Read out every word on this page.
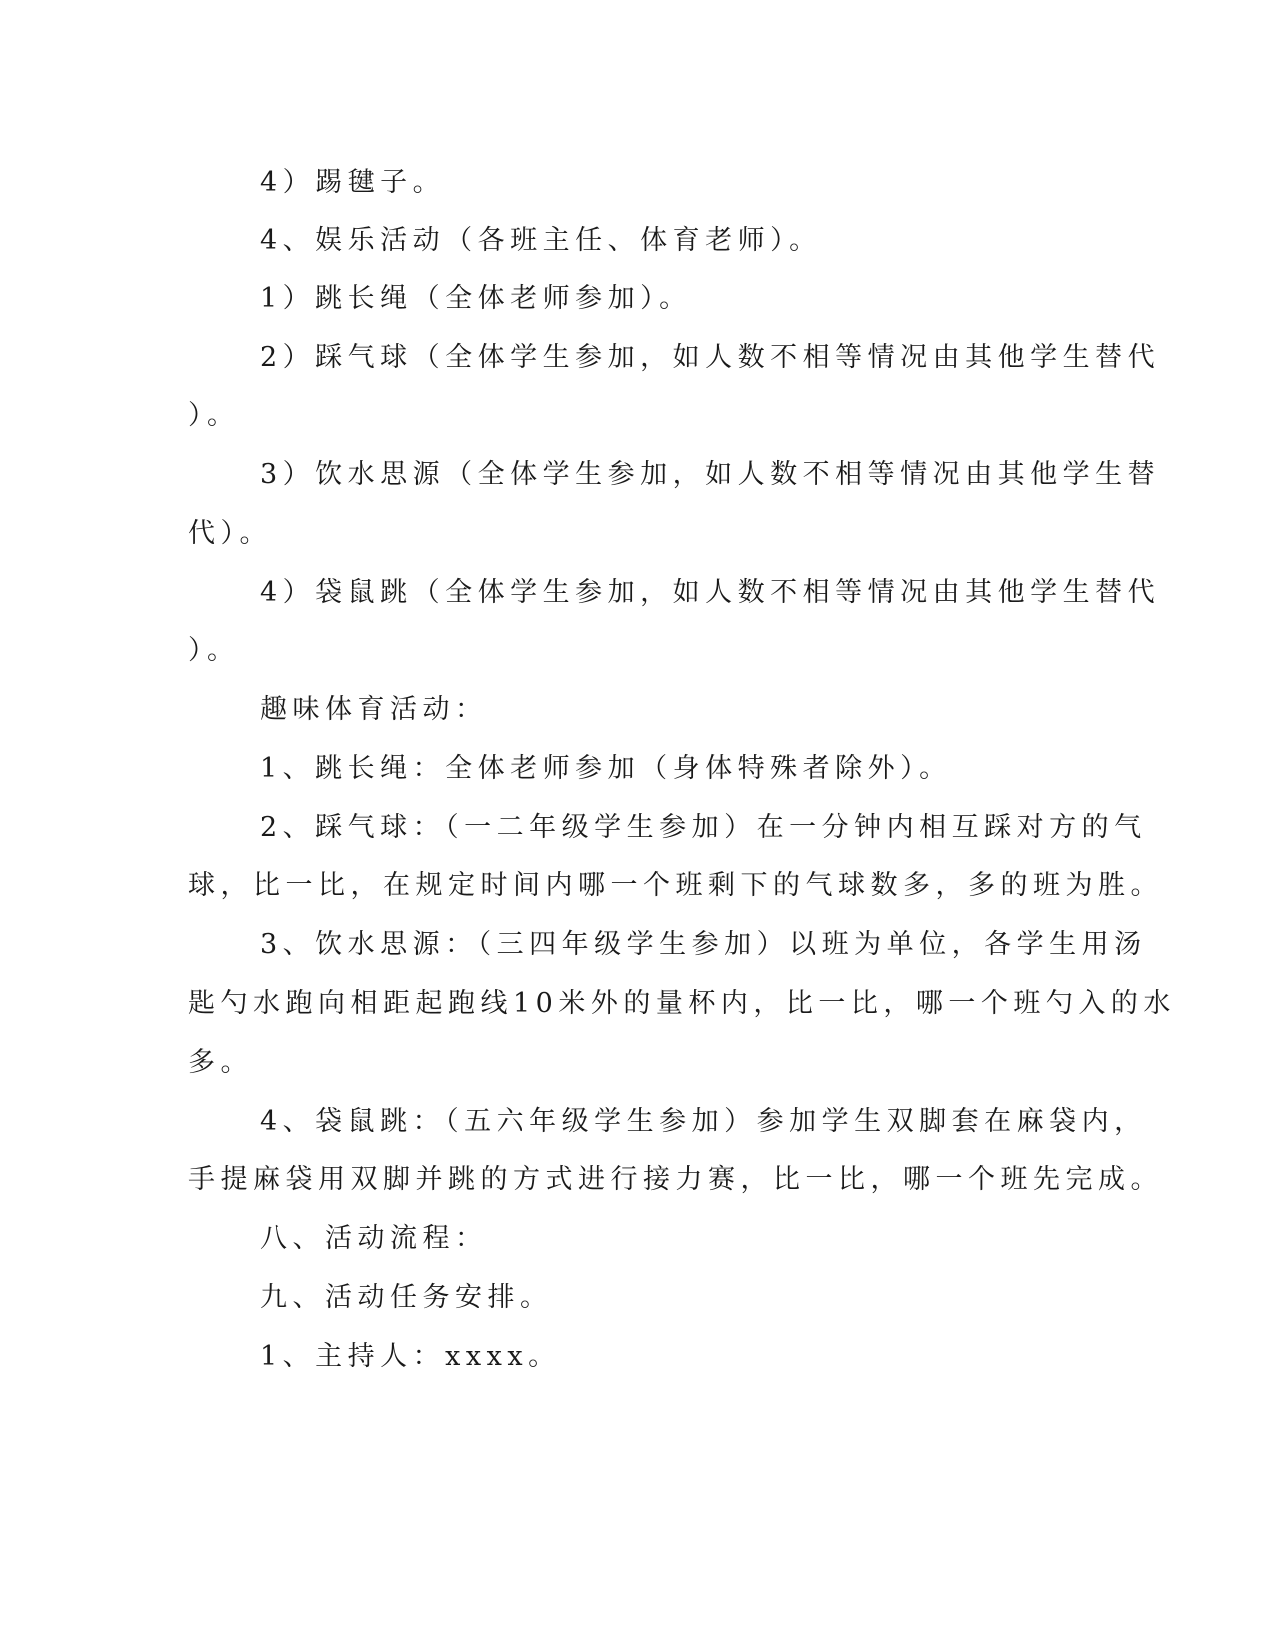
4）踢毽子。
4、娱乐活动（各班主任、体育老师）。
1）跳长绳（全体老师参加）。
2）踩气球（全体学生参加，如人数不相等情况由其他学生替代
）。
3）饮水思源（全体学生参加，如人数不相等情况由其他学生替
代）。
4）袋鼠跳（全体学生参加，如人数不相等情况由其他学生替代
）。
趣味体育活动：
1、跳长绳：全体老师参加（身体特殊者除外）。
2、踩气球：（一二年级学生参加）在一分钟内相互踩对方的气
球，比一比，在规定时间内哪一个班剩下的气球数多，多的班为胜。
3、饮水思源：（三四年级学生参加）以班为单位，各学生用汤
匙勺水跑向相距起跑线10米外的量杯内，比一比，哪一个班勺入的水
多。
4、袋鼠跳：（五六年级学生参加）参加学生双脚套在麻袋内，
手提麻袋用双脚并跳的方式进行接力赛，比一比，哪一个班先完成。
八、活动流程：
九、活动任务安排。
1、主持人：xxxx。
